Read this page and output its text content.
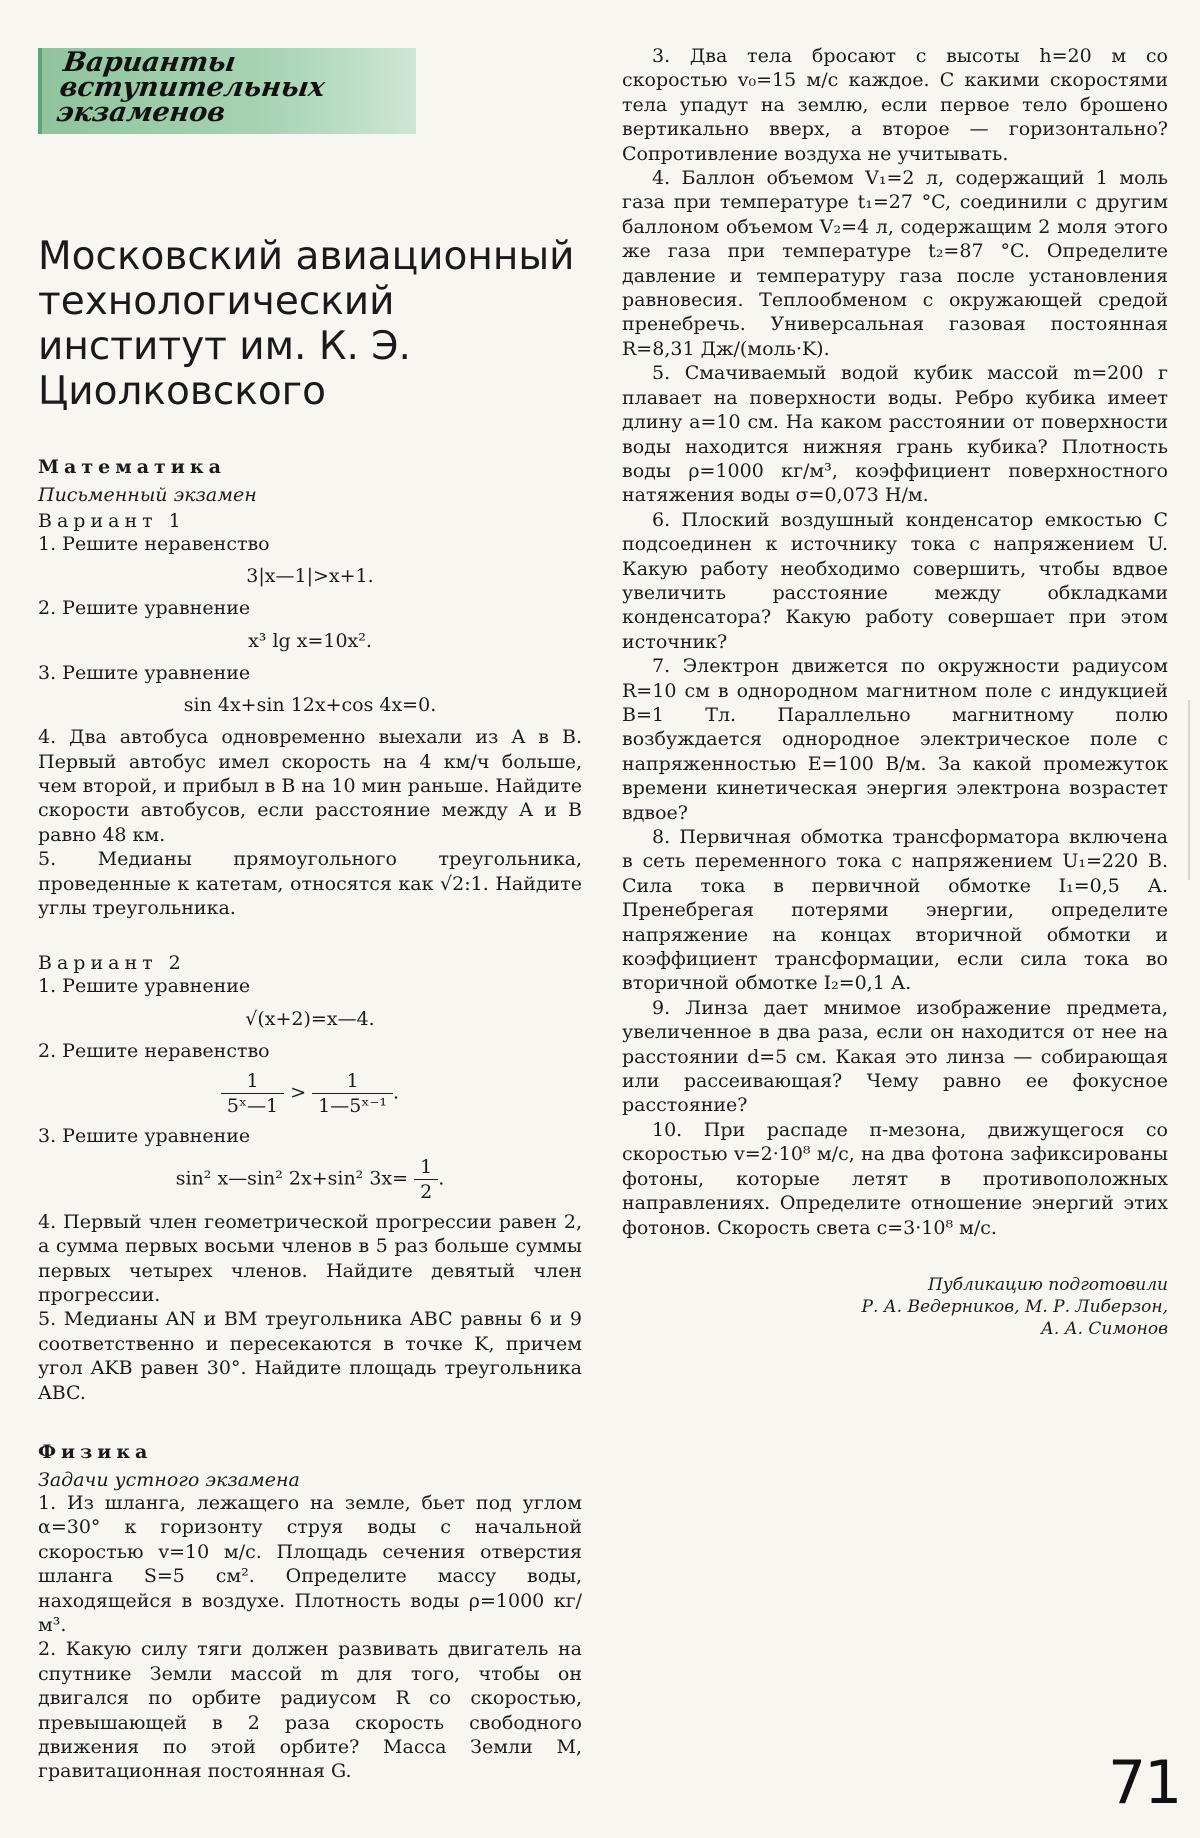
Варианты вступительных экзаменов
Московский авиационный технологический институт им. К. Э. Циолковского
Математика
Письменный экзамен
Вариант 1

1. Решите неравенство

3|x—1|>x+1.

2. Решите уравнение

x³ lg x=10x².

3. Решите уравнение

sin 4x+sin 12x+cos 4x=0.

4. Два автобуса одновременно выехали из A в B. Первый автобус имел скорость на 4 км/ч больше, чем второй, и прибыл в B на 10 мин раньше. Найдите скорости автобусов, если расстояние между A и B равно 48 км.

5. Медианы прямоугольного треугольника, проведенные к катетам, относятся как √2:1. Найдите углы треугольника.

Вариант 2

1. Решите уравнение

√(x+2)=x—4.

2. Решите неравенство

$\frac{1}{\text{5ˣ—1}} > \frac{1}{\text{1—5ˣ⁻¹}}$ .

3. Решите уравнение

sin² x—sin² 2x+sin² $3x= \frac{1}{2}$ .

4. Первый член геометрической прогрессии равен 2, а сумма первых восьми членов в 5 раз больше суммы первых четырех членов. Найдите девятый член прогрессии.

5. Медианы AN и BM треугольника ABC равны 6 и 9 соответственно и пересекаются в точке K, причем угол AKB равен 30°. Найдите площадь треугольника ABC.

Физика
Задачи устного экзамена

1. Из шланга, лежащего на земле, бьет под углом α=30° к горизонту струя воды с начальной скоростью v=10 м/с. Площадь сечения отверстия шланга S=5 см². Определите массу воды, находящейся в воздухе. Плотность воды ρ=1000 кг/м³.

2. Какую силу тяги должен развивать двигатель на спутнике Земли массой m для того, чтобы он двигался по орбите радиусом R со скоростью, превышающей в 2 раза скорость свободного движения по этой орбите? Масса Земли M, гравитационная постоянная G.

3. Два тела бросают с высоты h=20 м со скоростью v₀=15 м/с каждое. С какими скоростями тела упадут на землю, если первое тело брошено вертикально вверх, а второе — горизонтально? Сопротивление воздуха не учитывать.

4. Баллон объемом V₁=2 л, содержащий 1 моль газа при температуре t₁=27 °C, соединили с другим баллоном объемом V₂=4 л, содержащим 2 моля этого же газа при температуре t₂=87 °C. Определите давление и температуру газа после установления равновесия. Теплообменом с окружающей средой пренебречь. Универсальная газовая постоянная R=8,31 Дж/(моль·K).

5. Смачиваемый водой кубик массой m=200 г плавает на поверхности воды. Ребро кубика имеет длину a=10 см. На каком расстоянии от поверхности воды находится нижняя грань кубика? Плотность воды ρ=1000 кг/м³, коэффициент поверхностного натяжения воды σ=0,073 Н/м.

6. Плоский воздушный конденсатор емкостью C подсоединен к источнику тока с напряжением U. Какую работу необходимо совершить, чтобы вдвое увеличить расстояние между обкладками конденсатора? Какую работу совершает при этом источник?

7. Электрон движется по окружности радиусом R=10 см в однородном магнитном поле с индукцией B=1 Тл. Параллельно магнитному полю возбуждается однородное электрическое поле с напряженностью E=100 В/м. За какой промежуток времени кинетическая энергия электрона возрастет вдвое?

8. Первичная обмотка трансформатора включена в сеть переменного тока с напряжением U₁=220 В. Сила тока в первичной обмотке I₁=0,5 А. Пренебрегая потерями энергии, определите напряжение на концах вторичной обмотки и коэффициент трансформации, если сила тока во вторичной обмотке I₂=0,1 А.

9. Линза дает мнимое изображение предмета, увеличенное в два раза, если он находится от нее на расстоянии d=5 см. Какая это линза — собирающая или рассеивающая? Чему равно ее фокусное расстояние?

10. При распаде π-мезона, движущегося со скоростью v=2·10⁸ м/с, на два фотона зафиксированы фотоны, которые летят в противоположных направлениях. Определите отношение энергий этих фотонов. Скорость света c=3·10⁸ м/с.

Публикацию подготовили
Р. А. Ведерников, М. Р. Либерзон,
А. А. Симонов
71
